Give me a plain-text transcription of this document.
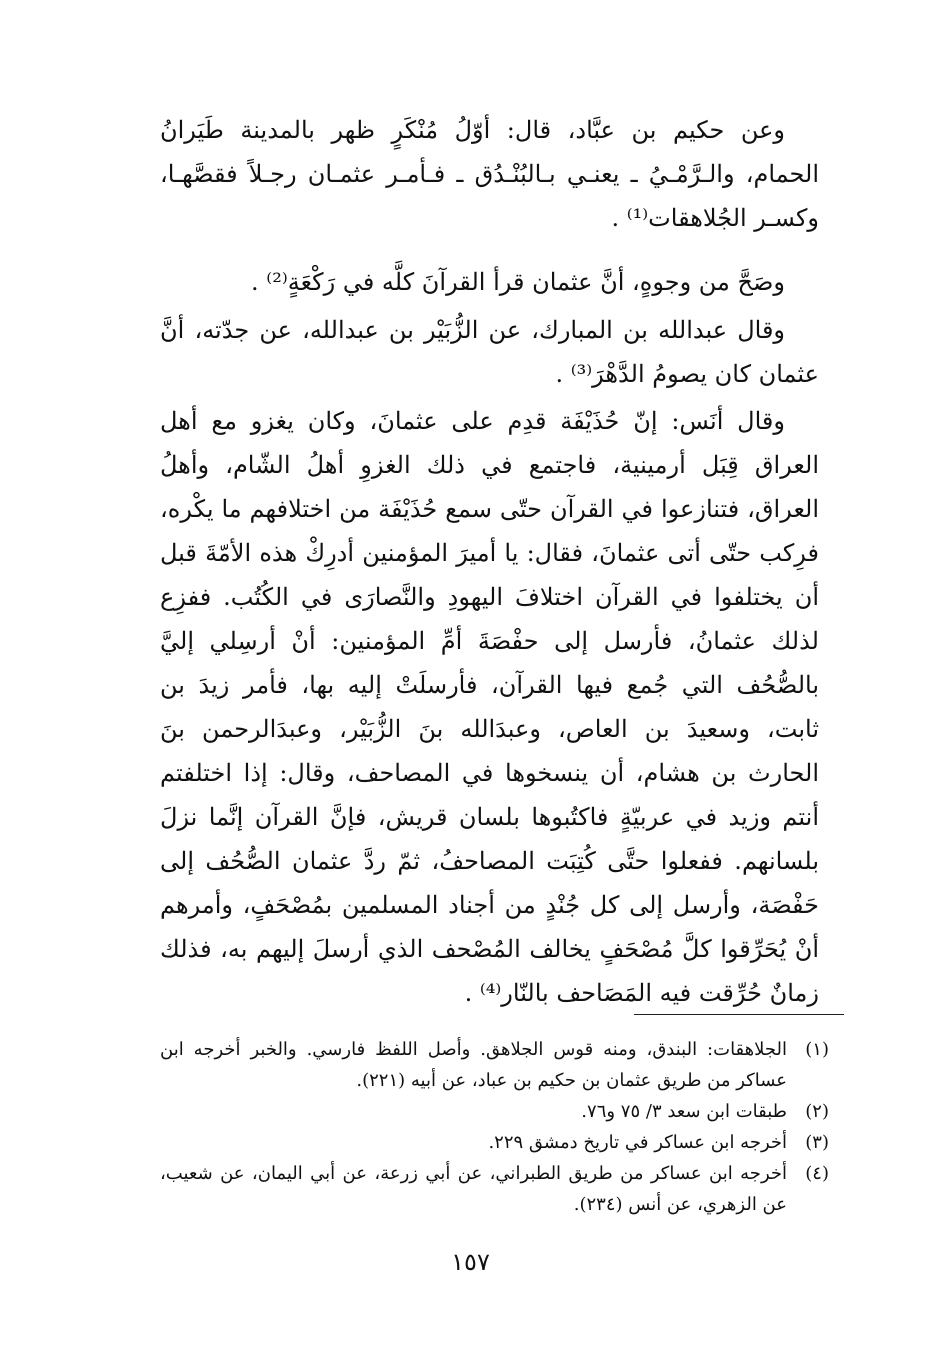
وعن حكيم بن عبَّاد، قال: أوّلُ مُنْكَرٍ ظهر بالمدينة طَيَرانُ الحمام، والـرَّمْـيُ ـ يعنـي بـالبُنْـدُق ـ فـأمـر عثمـان رجـلاً فقصَّهـا، وكسـر الجُلاهقات⁽¹⁾ .

وصَحَّ من وجوهٍ، أنَّ عثمان قرأ القرآنَ كلَّه في رَكْعَةٍ⁽²⁾ .

وقال عبدالله بن المبارك، عن الزُّبَيْر بن عبدالله، عن جدّته، أنَّ عثمان كان يصومُ الدَّهْرَ⁽³⁾ .

وقال أنَس: إنّ حُذَيْفَة قدِم على عثمانَ، وكان يغزو مع أهل العراق قِبَل أرمينية، فاجتمع في ذلك الغزوِ أهلُ الشّام، وأهلُ العراق، فتنازعوا في القرآن حتّى سمع حُذَيْفَة من اختلافهم ما يكْره، فرِكب حتّى أتى عثمانَ، فقال: يا أميرَ المؤمنين أدرِكْ هذه الأمّةَ قبل أن يختلفوا في القرآن اختلافَ اليهودِ والنَّصارَى في الكُتُب. ففزِع لذلك عثمانُ، فأرسل إلى حفْصَةَ أمِّ المؤمنين: أنْ أرسِلي إليَّ بالصُّحُف التي جُمع فيها القرآن، فأرسلَتْ إليه بها، فأمر زيدَ بن ثابت، وسعيدَ بن العاص، وعبدَالله بنَ الزُّبَيْر، وعبدَالرحمن بنَ الحارث بن هشام، أن ينسخوها في المصاحف، وقال: إذا اختلفتم أنتم وزيد في عربيّةٍ فاكتُبوها بلسان قريش، فإنَّ القرآن إنَّما نزلَ بلسانهم. ففعلوا حتَّى كُتِبَت المصاحفُ، ثمّ ردَّ عثمان الصُّحُف إلى حَفْصَة، وأرسل إلى كل جُنْدٍ من أجناد المسلمين بمُصْحَفٍ، وأمرهم أنْ يُحَرِّقوا كلَّ مُصْحَفٍ يخالف المُصْحف الذي أرسلَ إليهم به، فذلك زمانٌ حُرِّقت فيه المَصَاحف بالنّار⁽⁴⁾ .

(١)
الجلاهقات: البندق، ومنه قوس الجلاهق. وأصل اللفظ فارسي. والخبر أخرجه ابن عساكر من طريق عثمان بن حكيم بن عباد، عن أبيه (٢٢١).
(٢)
طبقات ابن سعد ٣/ ٧٥ و٧٦.
(٣)
أخرجه ابن عساكر في تاريخ دمشق ٢٢٩.
(٤)
أخرجه ابن عساكر من طريق الطبراني، عن أبي زرعة، عن أبي اليمان، عن شعيب، عن الزهري، عن أنس (٢٣٤).
١٥٧
